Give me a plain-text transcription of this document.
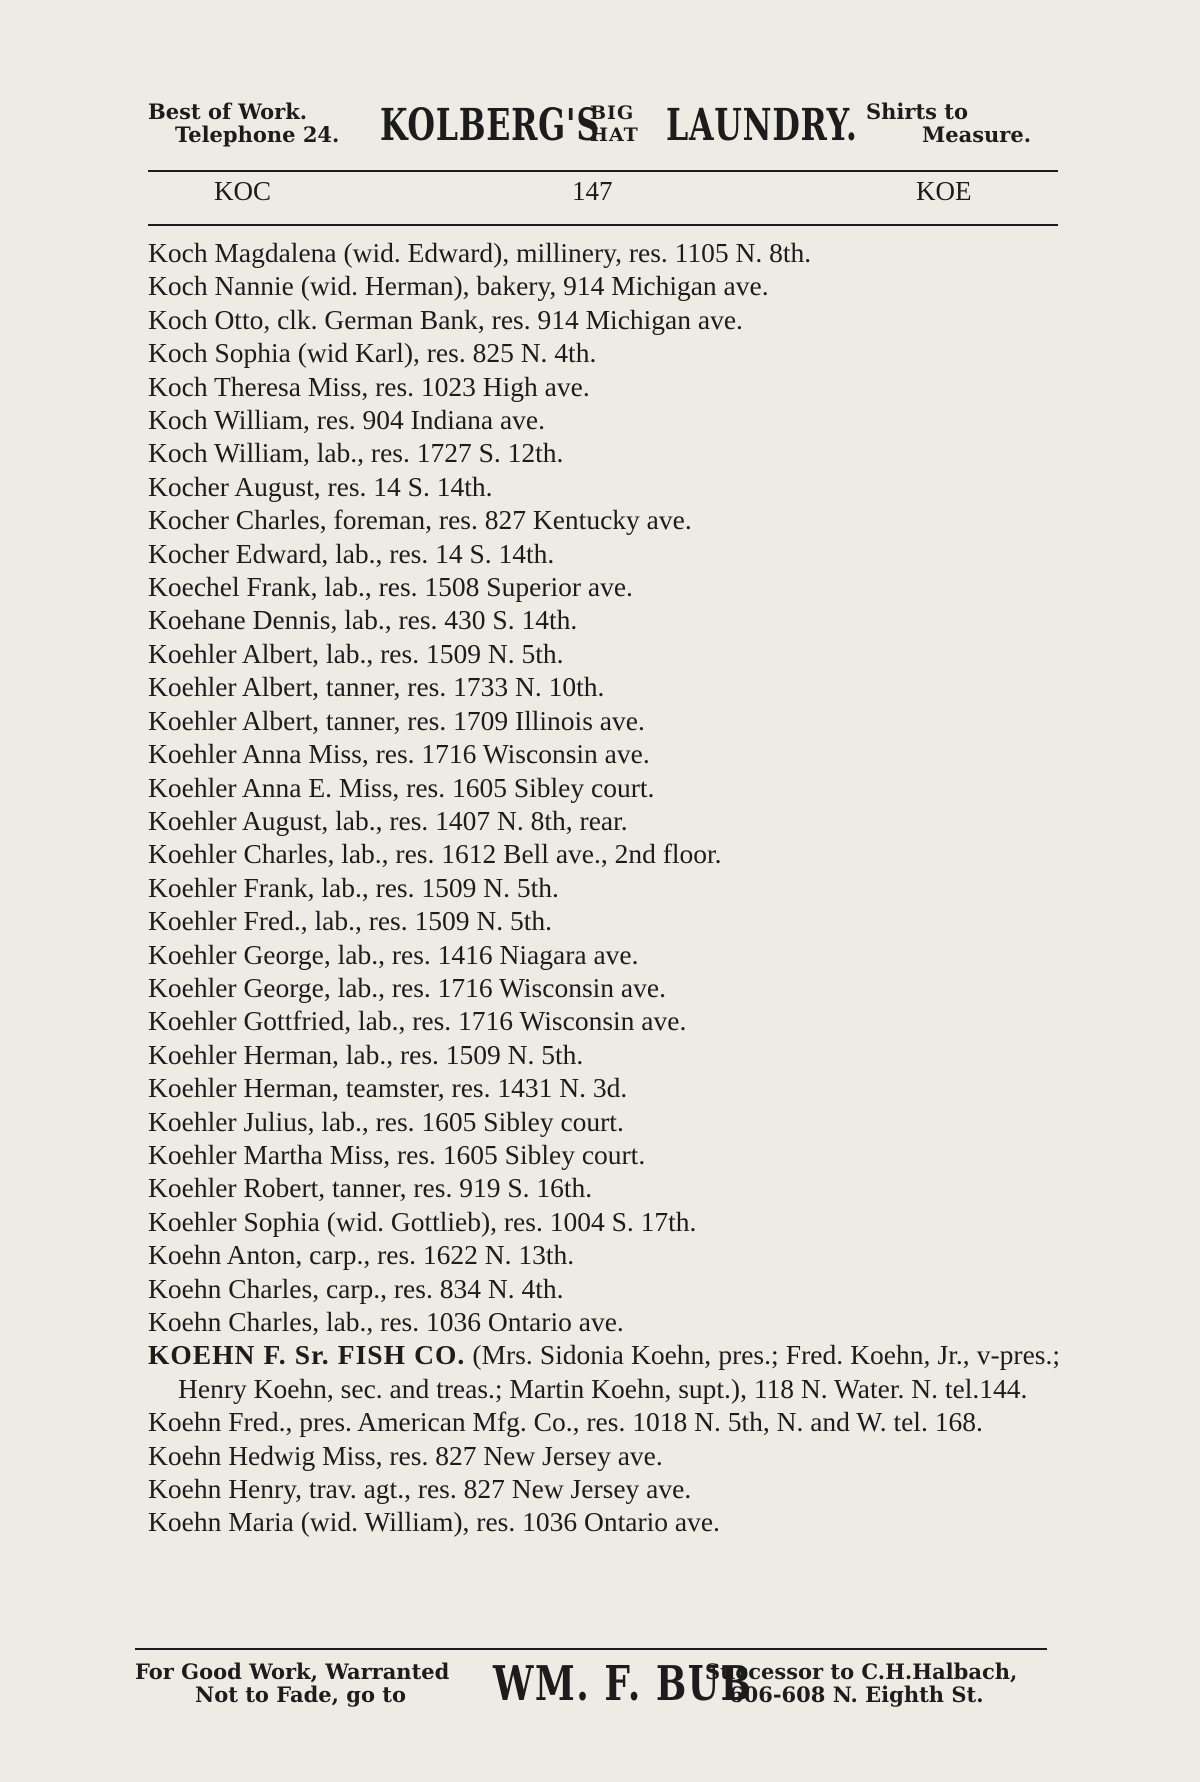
Best of Work.
Telephone 24. KOLBERG'S
BIG
HAT LAUNDRY. Shirts to
Measure.
KOC	147	KOE
Koch Magdalena (wid. Edward), millinery, res. 1105 N. 8th.
Koch Nannie (wid. Herman), bakery, 914 Michigan ave.
Koch Otto, clk. German Bank, res. 914 Michigan ave.
Koch Sophia (wid Karl), res. 825 N. 4th.
Koch Theresa Miss, res. 1023 High ave.
Koch William, res. 904 Indiana ave.
Koch William, lab., res. 1727 S. 12th.
Kocher August, res. 14 S. 14th.
Kocher Charles, foreman, res. 827 Kentucky ave.
Kocher Edward, lab., res. 14 S. 14th.
Koechel Frank, lab., res. 1508 Superior ave.
Koehane Dennis, lab., res. 430 S. 14th.
Koehler Albert, lab., res. 1509 N. 5th.
Koehler Albert, tanner, res. 1733 N. 10th.
Koehler Albert, tanner, res. 1709 Illinois ave.
Koehler Anna Miss, res. 1716 Wisconsin ave.
Koehler Anna E. Miss, res. 1605 Sibley court.
Koehler August, lab., res. 1407 N. 8th, rear.
Koehler Charles, lab., res. 1612 Bell ave., 2nd floor.
Koehler Frank, lab., res. 1509 N. 5th.
Koehler Fred., lab., res. 1509 N. 5th.
Koehler George, lab., res. 1416 Niagara ave.
Koehler George, lab., res. 1716 Wisconsin ave.
Koehler Gottfried, lab., res. 1716 Wisconsin ave.
Koehler Herman, lab., res. 1509 N. 5th.
Koehler Herman, teamster, res. 1431 N. 3d.
Koehler Julius, lab., res. 1605 Sibley court.
Koehler Martha Miss, res. 1605 Sibley court.
Koehler Robert, tanner, res. 919 S. 16th.
Koehler Sophia (wid. Gottlieb), res. 1004 S. 17th.
Koehn Anton, carp., res. 1622 N. 13th.
Koehn Charles, carp., res. 834 N. 4th.
Koehn Charles, lab., res. 1036 Ontario ave.
KOEHN F. Sr. FISH CO. (Mrs. Sidonia Koehn, pres.; Fred. Koehn, Jr., v-pres.; Henry Koehn, sec. and treas.; Martin Koehn, supt.), 118 N. Water. N. tel.144.
Koehn Fred., pres. American Mfg. Co., res. 1018 N. 5th, N. and W. tel. 168.
Koehn Hedwig Miss, res. 827 New Jersey ave.
Koehn Henry, trav. agt., res. 827 New Jersey ave.
Koehn Maria (wid. William), res. 1036 Ontario ave.
For Good Work, Warranted
Not to Fade, go to	WM. F. BUB
Successor to C.H.Halbach,
606-608 N. Eighth St.
